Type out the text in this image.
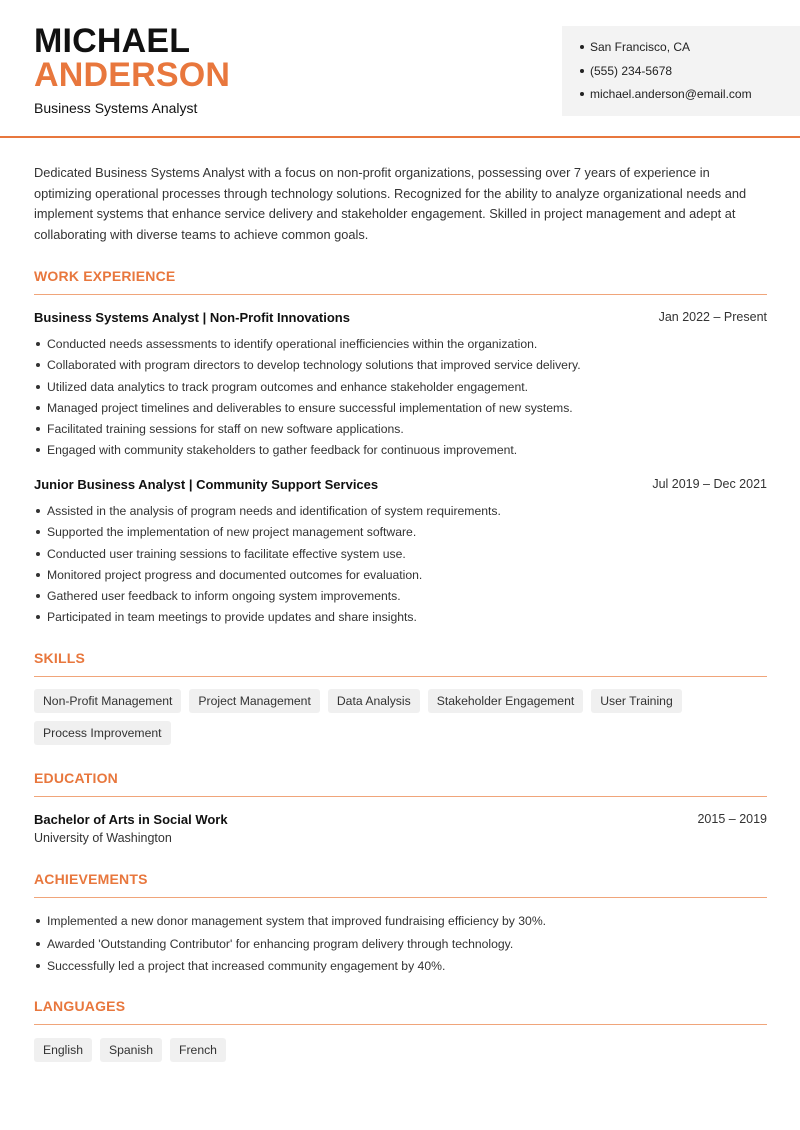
MICHAEL
ANDERSON
Business Systems Analyst
San Francisco, CA
(555) 234-5678
michael.anderson@email.com

Dedicated Business Systems Analyst with a focus on non-profit organizations, possessing over 7 years of experience in optimizing operational processes through technology solutions. Recognized for the ability to analyze organizational needs and implement systems that enhance service delivery and stakeholder engagement. Skilled in project management and adept at collaborating with diverse teams to achieve common goals.

WORK EXPERIENCE
Business Systems Analyst | Non-Profit Innovations	Jan 2022 – Present
Conducted needs assessments to identify operational inefficiencies within the organization.
Collaborated with program directors to develop technology solutions that improved service delivery.
Utilized data analytics to track program outcomes and enhance stakeholder engagement.
Managed project timelines and deliverables to ensure successful implementation of new systems.
Facilitated training sessions for staff on new software applications.
Engaged with community stakeholders to gather feedback for continuous improvement.
Junior Business Analyst | Community Support Services	Jul 2019 – Dec 2021
Assisted in the analysis of program needs and identification of system requirements.
Supported the implementation of new project management software.
Conducted user training sessions to facilitate effective system use.
Monitored project progress and documented outcomes for evaluation.
Gathered user feedback to inform ongoing system improvements.
Participated in team meetings to provide updates and share insights.
SKILLS
Non-Profit Management	Project Management	Data Analysis	Stakeholder Engagement	User Training
Process Improvement
EDUCATION
Bachelor of Arts in Social Work	2015 – 2019
University of Washington
ACHIEVEMENTS
Implemented a new donor management system that improved fundraising efficiency by 30%.
Awarded 'Outstanding Contributor' for enhancing program delivery through technology.
Successfully led a project that increased community engagement by 40%.
LANGUAGES
English	Spanish	French
